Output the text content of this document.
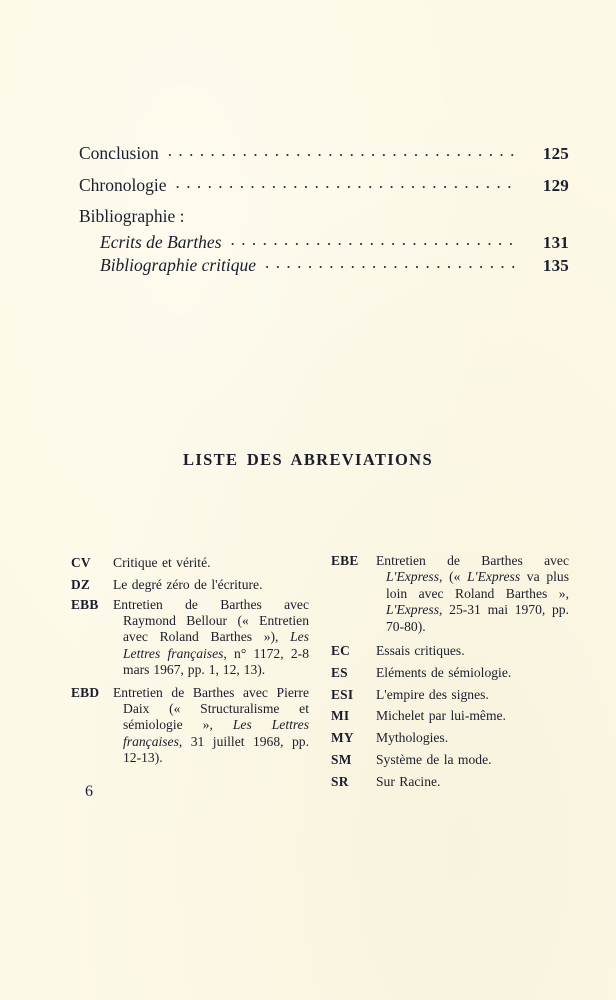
Conclusion . . .	125
Chronologie . . .	129
Bibliographie :
Ecrits de Barthes . . .	131
Bibliographie critique . . .	135
LISTE DES ABREVIATIONS
CV	Critique et vérité.
DZ	Le degré zéro de l'écriture.
EBB	Entretien de Barthes avec Raymond Bellour (« Entretien avec Roland Barthes »), Les Lettres françaises, n° 1172, 2-8 mars 1967, pp. 1, 12, 13).
EBD	Entretien de Barthes avec Pierre Daix (« Structuralisme et sémiologie », Les Lettres françaises, 31 juillet 1968, pp. 12-13).
EBE	Entretien de Barthes avec L'Express, (« L'Express va plus loin avec Roland Barthes », L'Express, 25-31 mai 1970, pp. 70-80).
EC	Essais critiques.
ES	Eléments de sémiologie.
ESI	L'empire des signes.
MI	Michelet par lui-même.
MY	Mythologies.
SM	Système de la mode.
SR	Sur Racine.
6
